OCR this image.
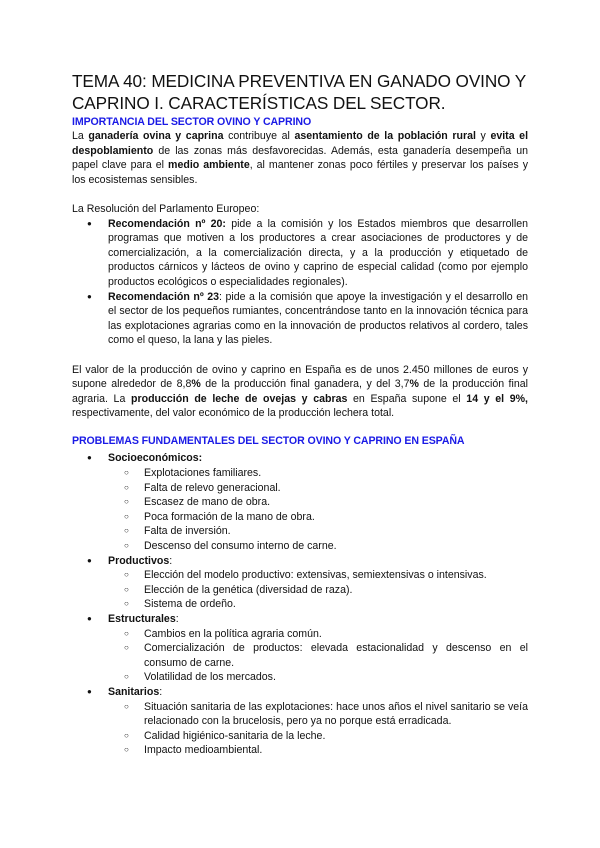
TEMA 40: MEDICINA PREVENTIVA EN GANADO OVINO Y CAPRINO I. CARACTERÍSTICAS DEL SECTOR.
IMPORTANCIA DEL SECTOR OVINO Y CAPRINO

La ganadería ovina y caprina contribuye al asentamiento de la población rural y evita el despoblamiento de las zonas más desfavorecidas. Además, esta ganadería desempeña un papel clave para el medio ambiente, al mantener zonas poco fértiles y preservar los países y los ecosistemas sensibles.

La Resolución del Parlamento Europeo:

● Recomendación nº 20: pide a la comisión y los Estados miembros que desarrollen programas que motiven a los productores a crear asociaciones de productores y de comercialización, a la comercialización directa, y a la producción y etiquetado de productos cárnicos y lácteos de ovino y caprino de especial calidad (como por ejemplo productos ecológicos o especialidades regionales).
● Recomendación nº 23: pide a la comisión que apoye la investigación y el desarrollo en el sector de los pequeños rumiantes, concentrándose tanto en la innovación técnica para las explotaciones agrarias como en la innovación de productos relativos al cordero, tales como el queso, la lana y las pieles.

El valor de la producción de ovino y caprino en España es de unos 2.450 millones de euros y supone alrededor de 8,8% de la producción final ganadera, y del 3,7% de la producción final agraria. La producción de leche de ovejas y cabras en España supone el 14 y el 9%, respectivamente, del valor económico de la producción lechera total.

PROBLEMAS FUNDAMENTALES DEL SECTOR OVINO Y CAPRINO EN ESPAÑA
● Socioeconómicos:
○ Explotaciones familiares.
○ Falta de relevo generacional.
○ Escasez de mano de obra.
○ Poca formación de la mano de obra.
○ Falta de inversión.
○ Descenso del consumo interno de carne.
● Productivos:
○ Elección del modelo productivo: extensivas, semiextensivas o intensivas.
○ Elección de la genética (diversidad de raza).
○ Sistema de ordeño.
● Estructurales:
○ Cambios en la política agraria común.
○ Comercialización de productos: elevada estacionalidad y descenso en el consumo de carne.
○ Volatilidad de los mercados.
● Sanitarios:
○ Situación sanitaria de las explotaciones: hace unos años el nivel sanitario se veía relacionado con la brucelosis, pero ya no porque está erradicada.
○ Calidad higiénico-sanitaria de la leche.
○ Impacto medioambiental.
